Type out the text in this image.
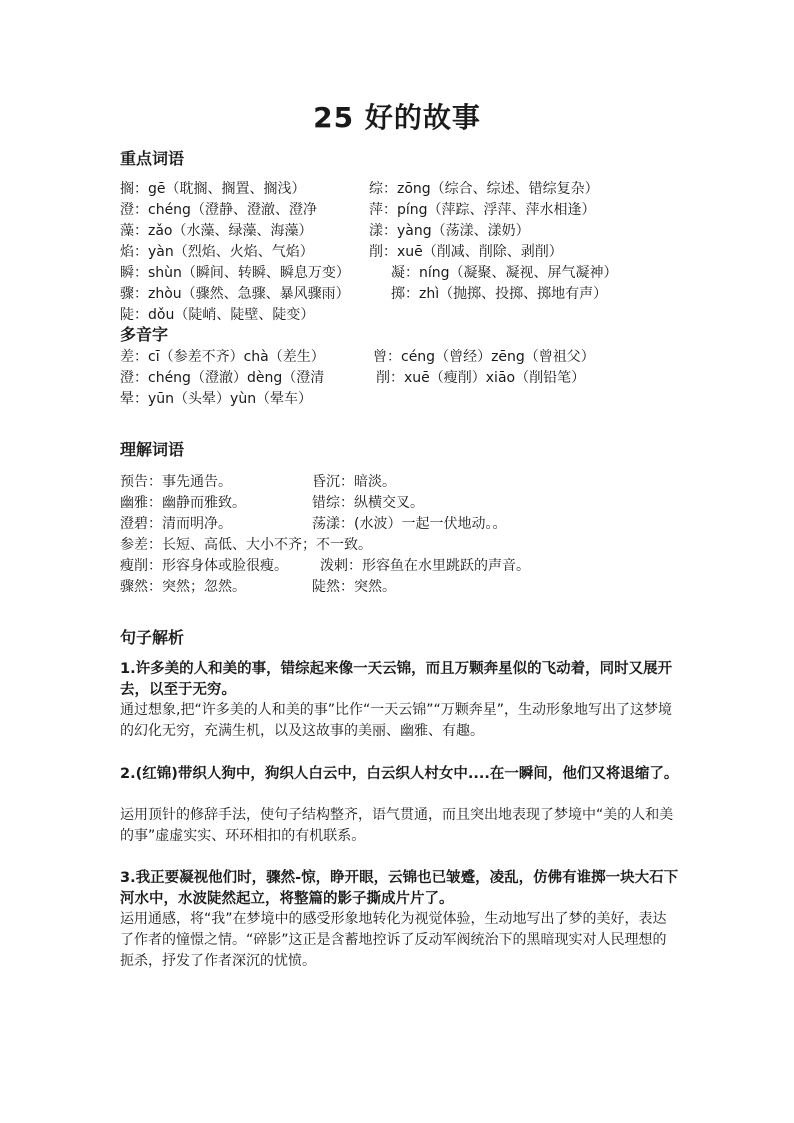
25 好的故事
重点词语
搁：gē（耽搁、搁置、搁浅）	综：zōng（综合、综述、错综复杂）
澄：chéng（澄静、澄澈、澄净	萍：píng（萍踪、浮萍、萍水相逢）
藻：zǎo（水藻、绿藻、海藻）	漾：yàng（荡漾、漾奶）
焰：yàn（烈焰、火焰、气焰）	削：xuē（削减、削除、剥削）
瞬：shùn（瞬间、转瞬、瞬息万变）	凝：níng（凝聚、凝视、屏气凝神）
骤：zhòu（骤然、急骤、暴风骤雨）	掷：zhì（抛掷、投掷、掷地有声）
陡：dǒu（陡峭、陡壁、陡变）
多音字
差：cī（参差不齐）chà（差生）	曾：céng（曾经）zēng（曾祖父）
澄：chéng（澄澈）dèng（澄清	削：xuē（瘦削）xiāo（削铅笔）
晕：yūn（头晕）yùn（晕车）
理解词语
预告：事先通告。	昏沉：暗淡。
幽雅：幽静而雅致。	错综：纵横交叉。
澄碧：清而明净。	荡漾：(水波）一起一伏地动。。
参差：长短、高低、大小不齐；不一致。
瘦削：形容身体或脸很瘦。 泼剌：形容鱼在水里跳跃的声音。
骤然：突然；忽然。	陡然：突然。
句子解析
1.许多美的人和美的事，错综起来像一天云锦，而且万颗奔星似的飞动着，同时又展开去，以至于无穷。
通过想象,把“许多美的人和美的事”比作“一天云锦”“万颗奔星”，生动形象地写出了这梦境的幻化无穷，充满生机，以及这故事的美丽、幽雅、有趣。
2.(红锦)带织人狗中，狗织人白云中，白云织人村女中....在一瞬间，他们又将退缩了。
运用顶针的修辞手法，使句子结构整齐，语气贯通，而且突出地表现了梦境中“美的人和美的事”虚虚实实、环环相扣的有机联系。
3.我正要凝视他们时，骤然-惊，睁开眼，云锦也已皱蹙，凌乱，仿佛有谁掷一块大石下河水中，水波陡然起立，将整篇的影子撕成片片了。
运用通感，将“我”在梦境中的感受形象地转化为视觉体验，生动地写出了梦的美好，表达了作者的憧憬之情。“碎影”这正是含蓄地控诉了反动军阀统治下的黑暗现实对人民理想的扼杀，抒发了作者深沉的忧愤。
